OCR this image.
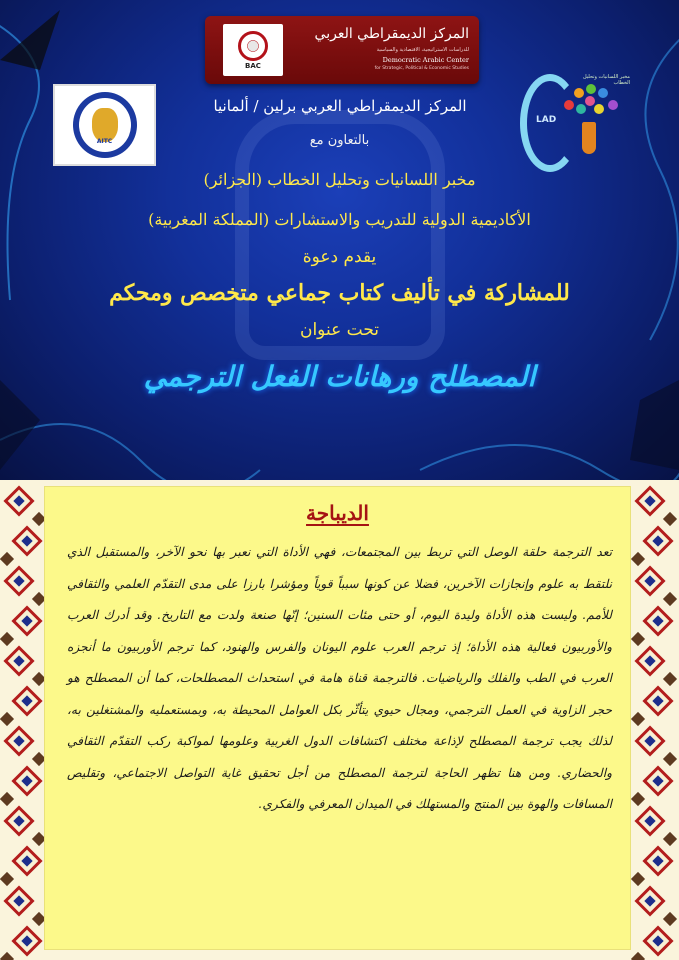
BAC
المركز الديمقراطي العربي
للدراسات الاستراتيجية، الاقتصادية والسياسية
Democratic Arabic Center
for Strategic, Political & Economic Studies
AITC
مخبر اللسانيات وتحليل الخطاب
LAD
المركز الديمقراطي العربي برلين / ألمانيا
بالتعاون مع
مخبر اللسانيات وتحليل الخطاب (الجزائر)
الأكاديمية الدولية للتدريب والاستشارات (المملكة المغربية)
يقدم دعوة
للمشاركة في تأليف كتاب جماعي متخصص ومحكم
تحت عنوان
المصطلح ورهانات الفعل الترجمي
الديباجة
تعد الترجمة حلقة الوصل التي تربط بين المجتمعات، فهي الأداة التي نعبر بها نحو الآخر، والمستقبل الذي نلتقط به علوم وإنجازات الآخرين، فضلا عن كونها سبباً قوياً ومؤشرا بارزا على مدى التقدّم العلمي والثقافي للأمم. وليست هذه الأداة وليدة اليوم، أو حتى مئات السنين؛ إنّها صنعة ولدت مع التاريخ. وقد أدرك العرب والأوربيون فعالية هذه الأداة؛ إذ ترجم العرب علوم اليونان والفرس والهنود، كما ترجم الأوربيون ما أنجزه العرب في الطب والفلك والرياضيات. فالترجمة قناة هامة في استحداث المصطلحات، كما أن المصطلح هو حجر الزاوية في العمل الترجمي، ومجال حيوي يتأثّر بكل العوامل المحيطة به، وبمستعمليه والمشتغلين به، لذلك يجب ترجمة المصطلح لإذاعة مختلف اكتشافات الدول الغربية وعلومها لمواكبة ركب التقدّم الثقافي والحضاري. ومن هنا تظهر الحاجة لترجمة المصطلح من أجل تحقيق غاية التواصل الاجتماعي، وتقليص المسافات والهوة بين المنتج والمستهلك في الميدان المعرفي والفكري.
